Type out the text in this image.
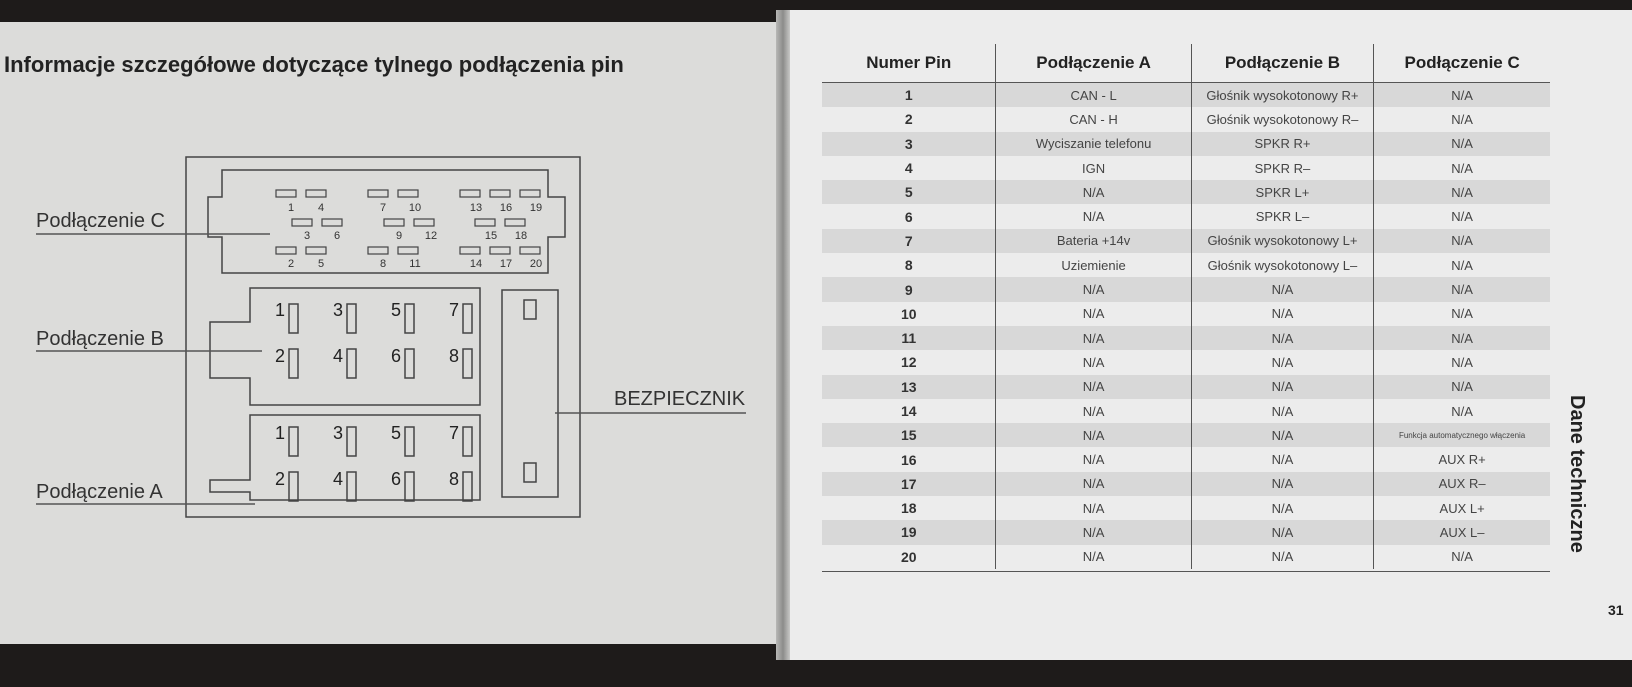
Informacje szczegółowe dotyczące tylnego podłączenia pin
Podłączenie C
Podłączenie B
Podłączenie A
BEZPIECZNIK
1	4	7	10	13	16	19
3	6	9	12	15	18
2	5	8	11	14	17	20
1	3	5	7
2	4	6	8
1	3	5	7
2	4	6	8
Numer Pin	Podłączenie A	Podłączenie B	Podłączenie C
1	CAN - L	Głośnik wysokotonowy R+	N/A
2	CAN - H	Głośnik wysokotonowy R–	N/A
3	Wyciszanie telefonu	SPKR R+	N/A
4	IGN	SPKR R–	N/A
5	N/A	SPKR L+	N/A
6	N/A	SPKR L–	N/A
7	Bateria +14v	Głośnik wysokotonowy L+	N/A
8	Uziemienie	Głośnik wysokotonowy L–	N/A
9	N/A	N/A	N/A
10	N/A	N/A	N/A
11	N/A	N/A	N/A
12	N/A	N/A	N/A
13	N/A	N/A	N/A
14	N/A	N/A	N/A
15	N/A	N/A	Funkcja automatycznego włączenia
16	N/A	N/A	AUX R+
17	N/A	N/A	AUX R–
18	N/A	N/A	AUX L+
19	N/A	N/A	AUX L–
20	N/A	N/A	N/A
Dane techniczne
31
